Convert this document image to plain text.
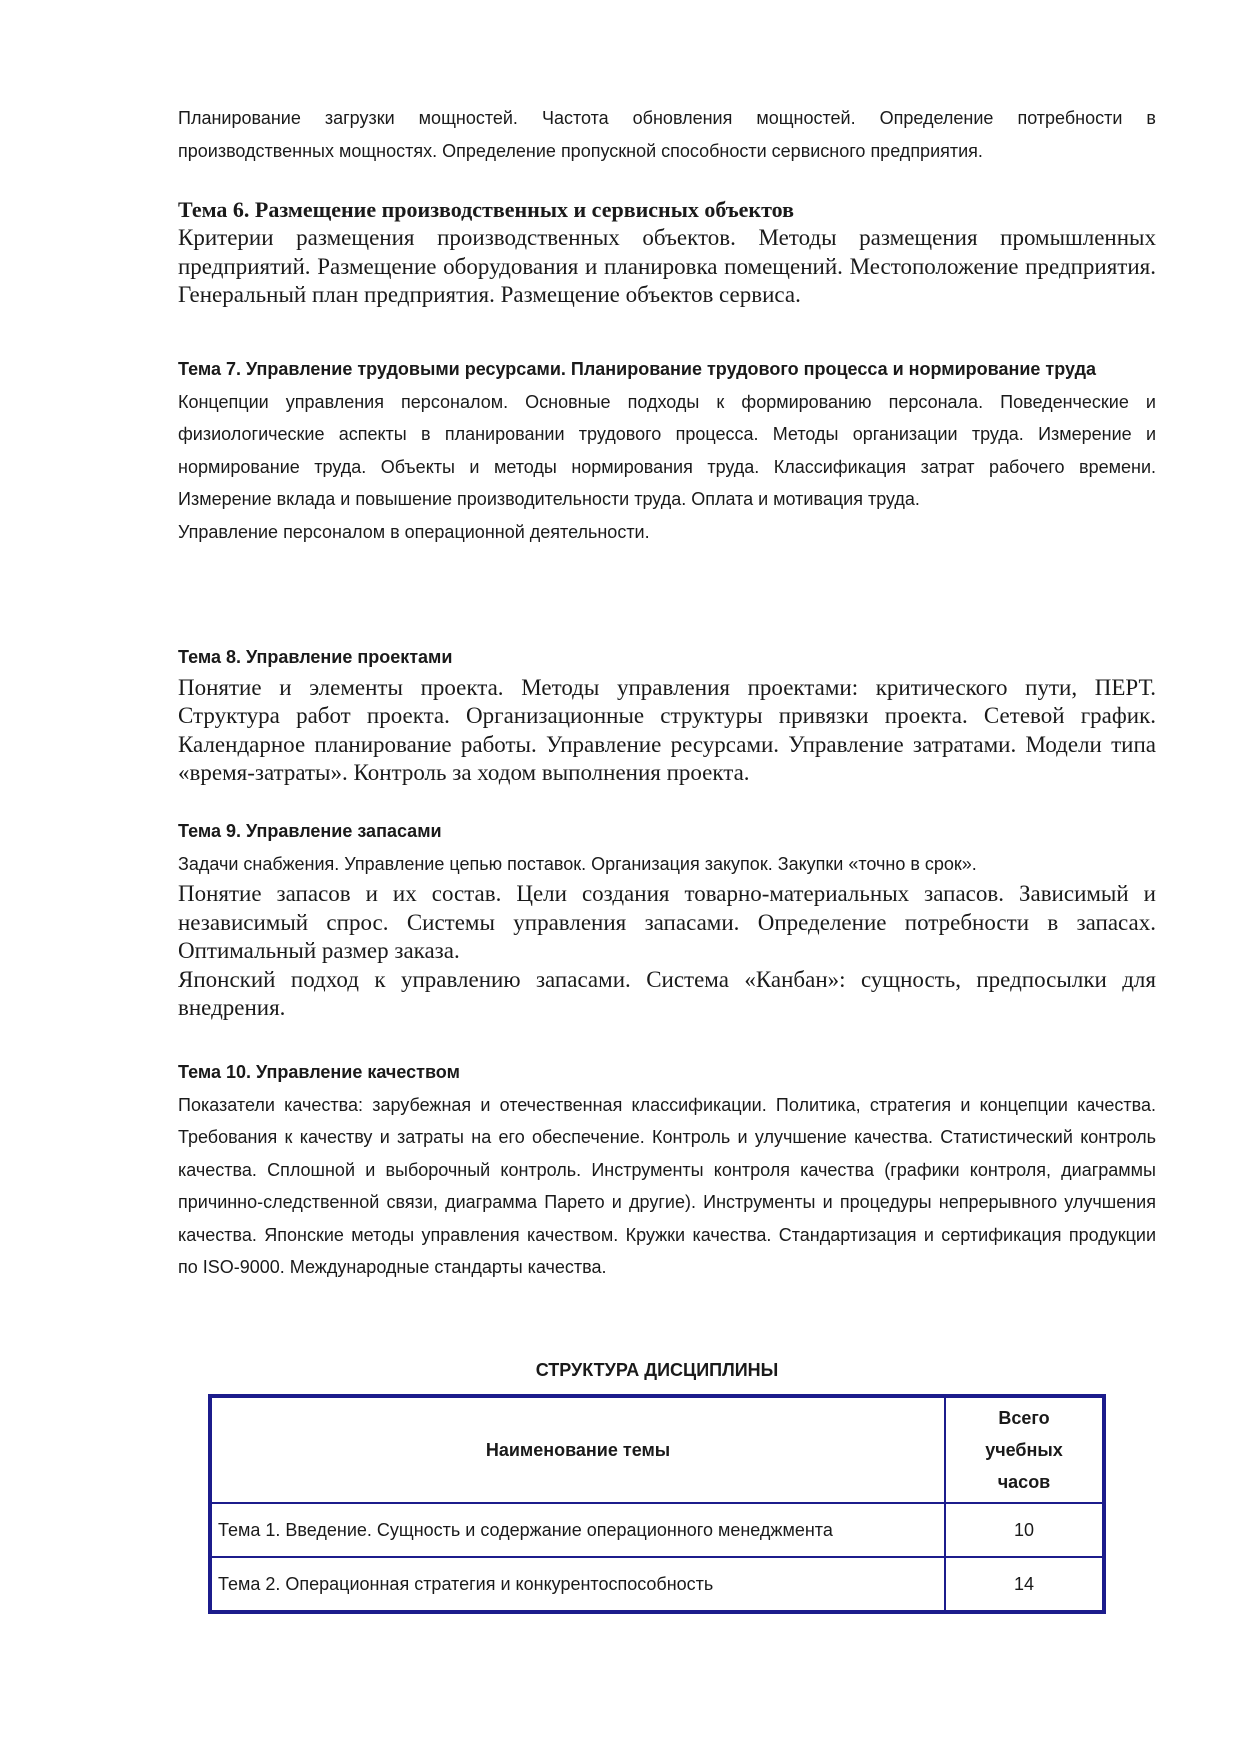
Планирование загрузки мощностей. Частота обновления мощностей. Определение потребности в производственных мощностях. Определение пропускной способности сервисного предприятия.

Тема 6. Размещение производственных и сервисных объектов

Критерии размещения производственных объектов. Методы размещения промышленных предприятий. Размещение оборудования и планировка помещений. Местоположение предприятия. Генеральный план предприятия. Размещение объектов сервиса.

Тема 7. Управление трудовыми ресурсами. Планирование трудового процесса и нормирование труда

Концепции управления персоналом. Основные подходы к формированию персонала. Поведенческие и физиологические аспекты в планировании трудового процесса. Методы организации труда. Измерение и нормирование труда. Объекты и методы нормирования труда. Классификация затрат рабочего времени. Измерение вклада и повышение производительности труда. Оплата и мотивация труда.

Управление персоналом в операционной деятельности.

Тема 8. Управление проектами

Понятие и элементы проекта. Методы управления проектами: критического пути, ПЕРТ. Структура работ проекта. Организационные структуры привязки проекта. Сетевой график. Календарное планирование работы. Управление ресурсами. Управление затратами. Модели типа «время-затраты». Контроль за ходом выполнения проекта.

Тема 9. Управление запасами

Задачи снабжения. Управление цепью поставок. Организация закупок. Закупки «точно в срок».

Понятие запасов и их состав. Цели создания товарно-материальных запасов. Зависимый и независимый спрос. Системы управления запасами. Определение потребности в запасах. Оптимальный размер заказа.

Японский подход к управлению запасами. Система «Канбан»: сущность, предпосылки для внедрения.

Тема 10. Управление качеством

Показатели качества: зарубежная и отечественная классификации. Политика, стратегия и концепции качества. Требования к качеству и затраты на его обеспечение. Контроль и улучшение качества. Статистический контроль качества. Сплошной и выборочный контроль. Инструменты контроля качества (графики контроля, диаграммы причинно-следственной связи, диаграмма Парето и другие). Инструменты и процедуры непрерывного улучшения качества. Японские методы управления качеством. Кружки качества. Стандартизация и сертификация продукции по ISO-9000. Международные стандарты качества.

СТРУКТУРА ДИСЦИПЛИНЫ
Наименование темы	Всего
учебных
часов

Тема 1. Введение. Сущность и содержание операционного менеджмента	10
Тема 2. Операционная стратегия и конкурентоспособность	14
